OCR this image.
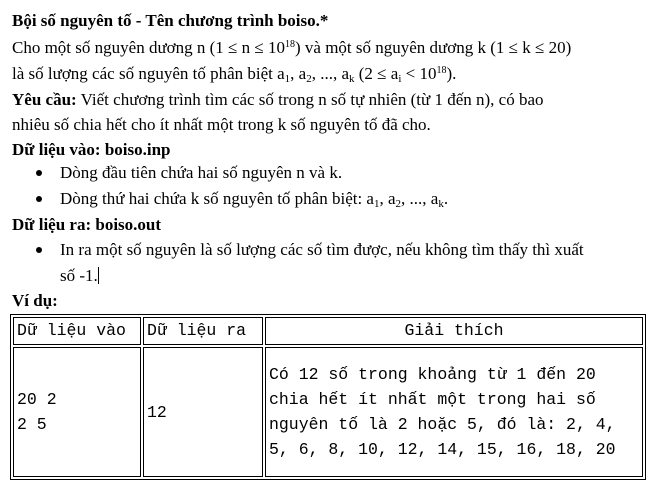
Bội số nguyên tố - Tên chương trình boiso.*
Cho một số nguyên dương n $(1 \le n \le 10^{18})$ và một số nguyên dương k (1 ≤ k ≤ 20)
là số lượng các số nguyên tố phân biệt $a_1$, $a_2$, ..., $a_k$ $(2 \le a_i < 10^{18})$.
Yêu cầu: Viết chương trình tìm các số trong n số tự nhiên (từ 1 đến n), có bao
nhiêu số chia hết cho ít nhất một trong k số nguyên tố đã cho.
Dữ liệu vào: boiso.inp
Dòng đầu tiên chứa hai số nguyên n và k.
Dòng thứ hai chứa k số nguyên tố phân biệt: $a_1$, $a_2$, ..., $a_k$.
Dữ liệu ra: boiso.out
In ra một số nguyên là số lượng các số tìm được, nếu không tìm thấy thì xuất
số -1.
Ví dụ:
Dữ liệu vào	Dữ liệu ra	Giải thích

20 2
2 5	12	Có 12 số trong khoảng từ 1 đến 20 chia hết ít nhất một trong hai số nguyên tố là 2 hoặc 5, đó là: 2, 4, 5, 6, 8, 10, 12, 14, 15, 16, 18, 20
